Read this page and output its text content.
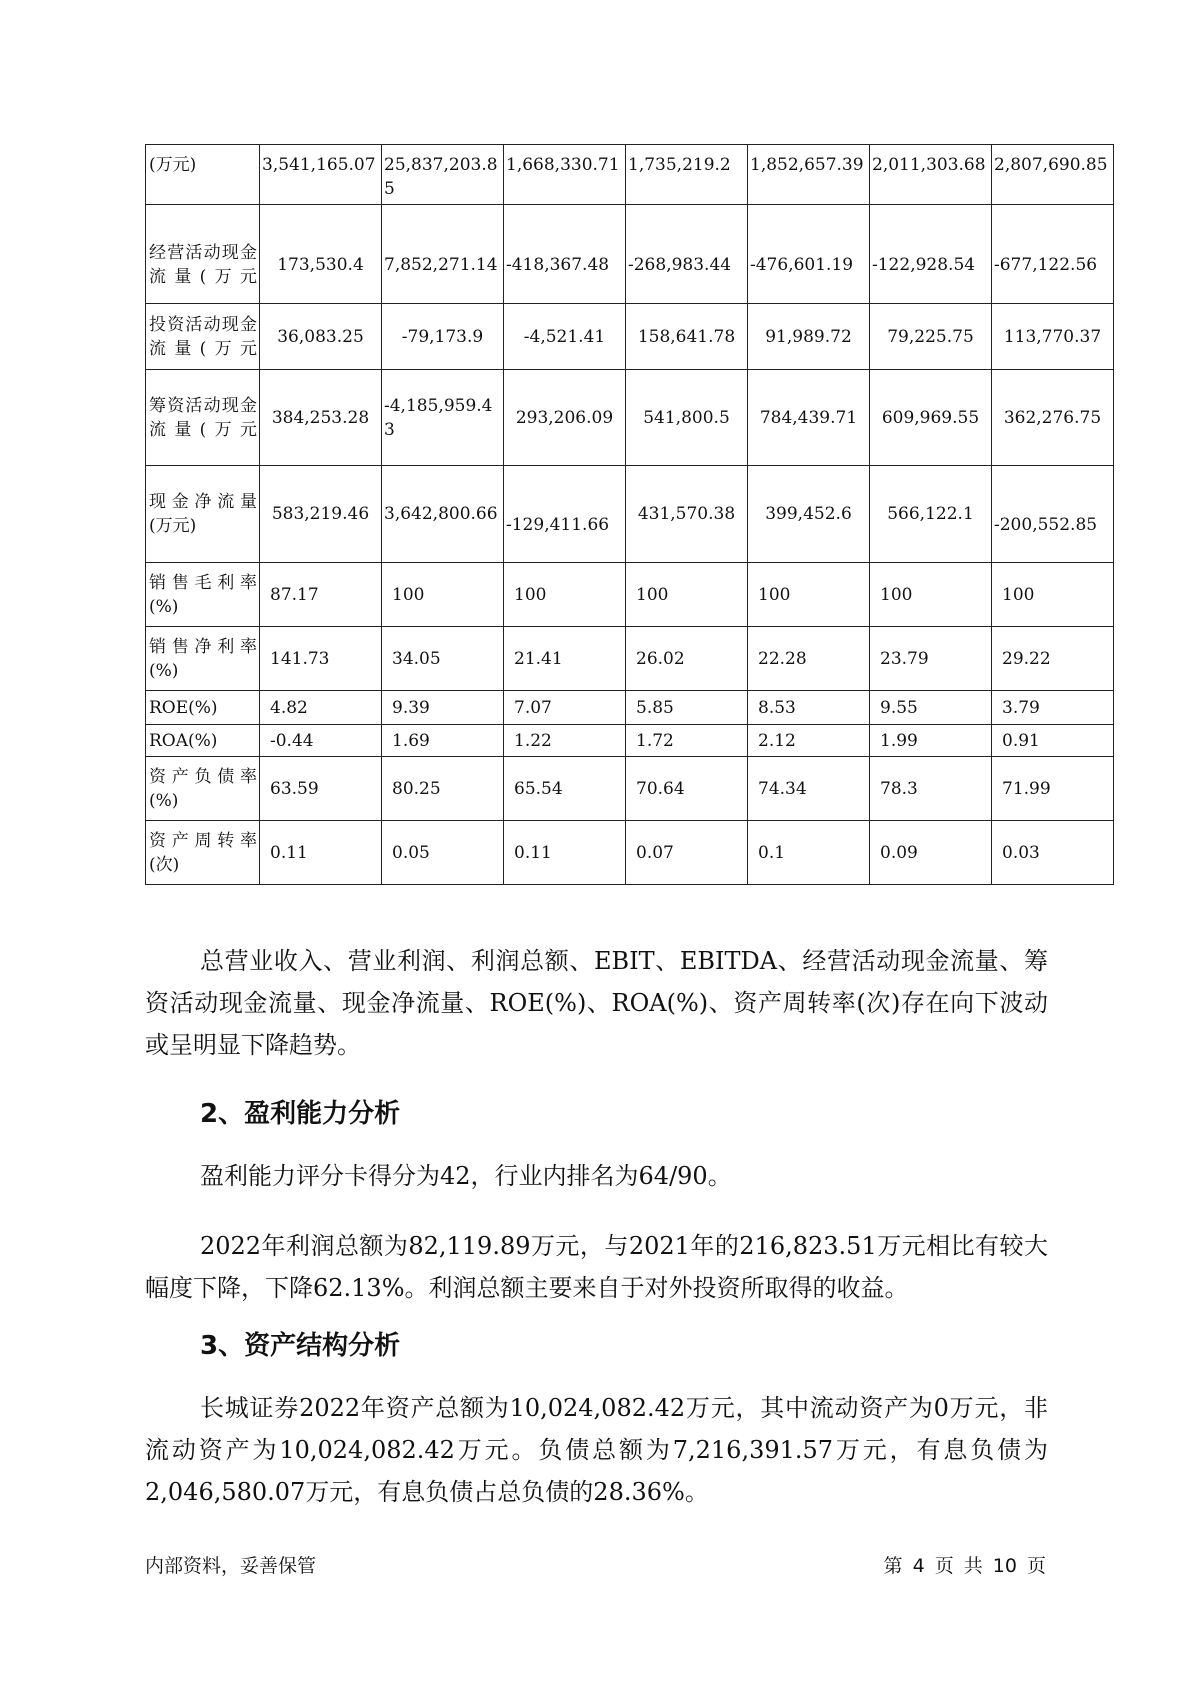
(万元)	3,541,165.07	25,837,203.85	1,668,330.71	1,735,219.2	1,852,657.39	2,011,303.68	2,807,690.85
经营活动现金流量(万元	173,530.4	7,852,271.14	-418,367.48	-268,983.44	-476,601.19	-122,928.54	-677,122.56
投资活动现金流量(万元	36,083.25	-79,173.9	-4,521.41	158,641.78	91,989.72	79,225.75	113,770.37
筹资活动现金流量(万元	384,253.28	-4,185,959.43	293,206.09	541,800.5	784,439.71	609,969.55	362,276.75
现金净流量(万元)	583,219.46	3,642,800.66	-129,411.66	431,570.38	399,452.6	566,122.1	-200,552.85
销售毛利率(%)	87.17	100	100	100	100	100	100
销售净利率(%)	141.73	34.05	21.41	26.02	22.28	23.79	29.22
ROE(%)	4.82	9.39	7.07	5.85	8.53	9.55	3.79
ROA(%)	-0.44	1.69	1.22	1.72	2.12	1.99	0.91
资产负债率(%)	63.59	80.25	65.54	70.64	74.34	78.3	71.99
资产周转率(次)	0.11	0.05	0.11	0.07	0.1	0.09	0.03

总营业收入、营业利润、利润总额、EBIT、EBITDA、经营活动现金流量、筹资活动现金流量、现金净流量、ROE(%)、ROA(%)、资产周转率(次)存在向下波动或呈明显下降趋势。

2、盈利能力分析

盈利能力评分卡得分为42，行业内排名为64/90。

2022年利润总额为82,119.89万元，与2021年的216,823.51万元相比有较大幅度下降，下降62.13%。利润总额主要来自于对外投资所取得的收益。

3、资产结构分析

长城证券2022年资产总额为10,024,082.42万元，其中流动资产为0万元，非流动资产为10,024,082.42万元。负债总额为7,216,391.57万元，有息负债为2,046,580.07万元，有息负债占总负债的28.36%。

内部资料，妥善保管	第 4 页 共 10 页
